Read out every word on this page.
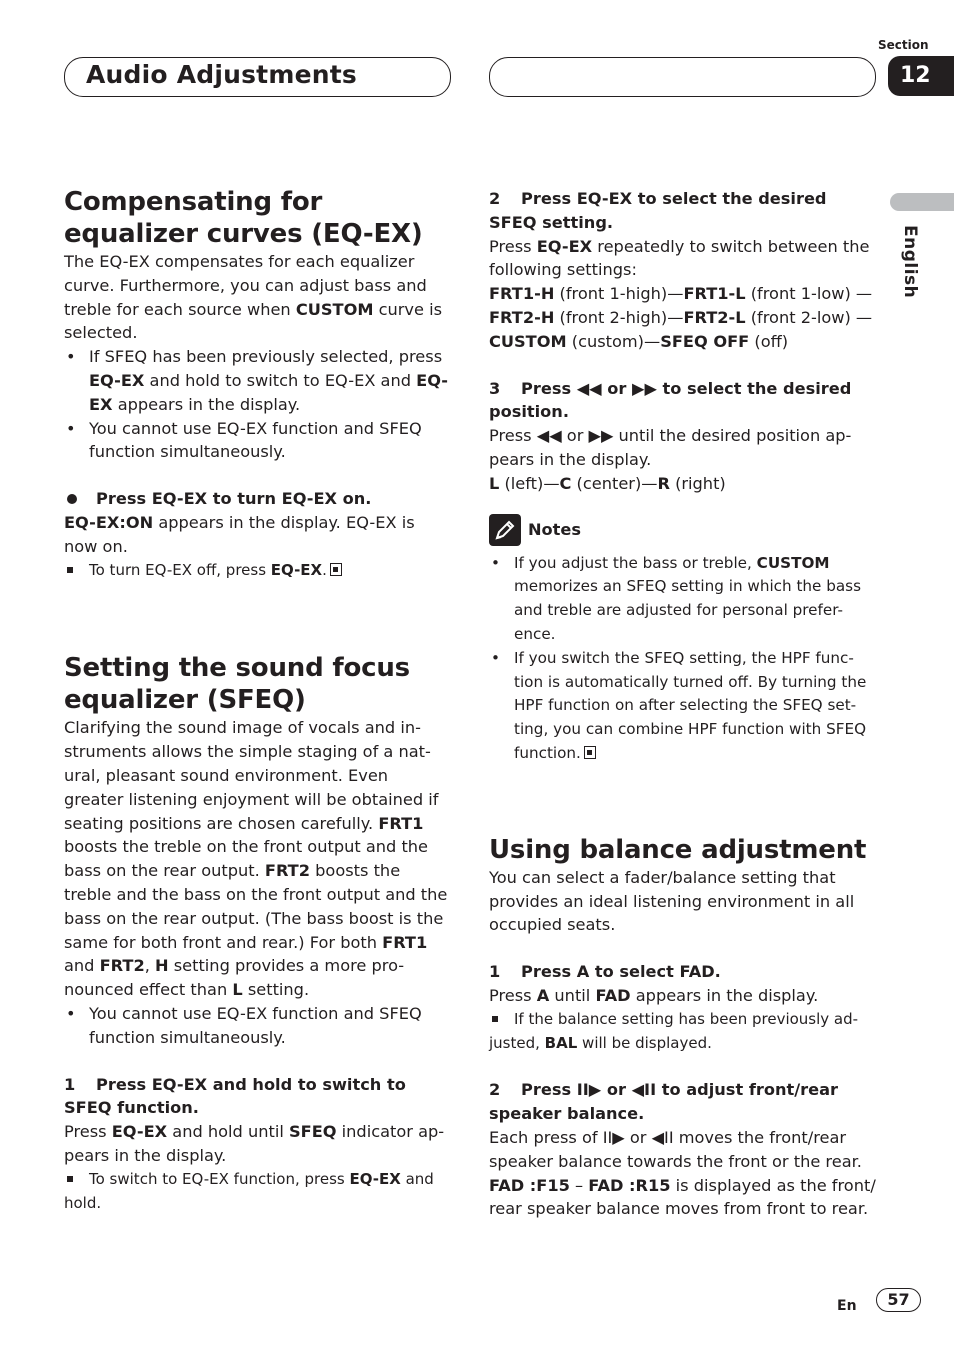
Audio Adjustments
Section
12
English
Compensating for
equalizer curves (EQ-EX)

The EQ-EX compensates for each equalizer curve. Furthermore, you can adjust bass and treble for each source when CUSTOM curve is selected.

• If SFEQ has been previously selected, press EQ-EX and hold to switch to EQ-EX and EQ-EX appears in the display.

• You cannot use EQ-EX function and SFEQ function simultaneously.

Press EQ-EX to turn EQ-EX on.

EQ-EX:ON appears in the display. EQ-EX is now on.

To turn EQ-EX off, press EQ-EX.

Setting the sound focus
equalizer (SFEQ)

Clarifying the sound image of vocals and in-struments allows the simple staging of a nat-ural, pleasant sound environment. Even greater listening enjoyment will be obtained if seating positions are chosen carefully. FRT1 boosts the treble on the front output and the bass on the rear output. FRT2 boosts the treble and the bass on the front output and the bass on the rear output. (The bass boost is the same for both front and rear.) For both FRT1 and FRT2, H setting provides a more pro-nounced effect than L setting.

• You cannot use EQ-EX function and SFEQ function simultaneously.

1 Press EQ-EX and hold to switch to SFEQ function.

Press EQ-EX and hold until SFEQ indicator ap-pears in the display.

To switch to EQ-EX function, press EQ-EX and hold.

2 Press EQ-EX to select the desired SFEQ setting.

Press EQ-EX repeatedly to switch between the following settings:

FRT1-H (front 1-high)—FRT1-L (front 1-low) —FRT2-H (front 2-high)—FRT2-L (front 2-low) —CUSTOM (custom)—SFEQ OFF (off)

3 Press ◀◀ or ▶▶ to select the desired position.

Press ◀◀ or ▶▶ until the desired position ap-pears in the display.

L (left)—C (center)—R (right)

Notes

• If you adjust the bass or treble, CUSTOM memorizes an SFEQ setting in which the bass and treble are adjusted for personal prefer-ence.

• If you switch the SFEQ setting, the HPF func-tion is automatically turned off. By turning the HPF function on after selecting the SFEQ set-ting, you can combine HPF function with SFEQ function.

Using balance adjustment

You can select a fader/balance setting that provides an ideal listening environment in all occupied seats.

1 Press A to select FAD.

Press A until FAD appears in the display.

If the balance setting has been previously ad-justed, BAL will be displayed.

2 Press II▶ or ◀II to adjust front/rear speaker balance.

Each press of II▶ or ◀II moves the front/rear speaker balance towards the front or the rear. FAD :F15 – FAD :R15 is displayed as the front/ rear speaker balance moves from front to rear.

En	57
